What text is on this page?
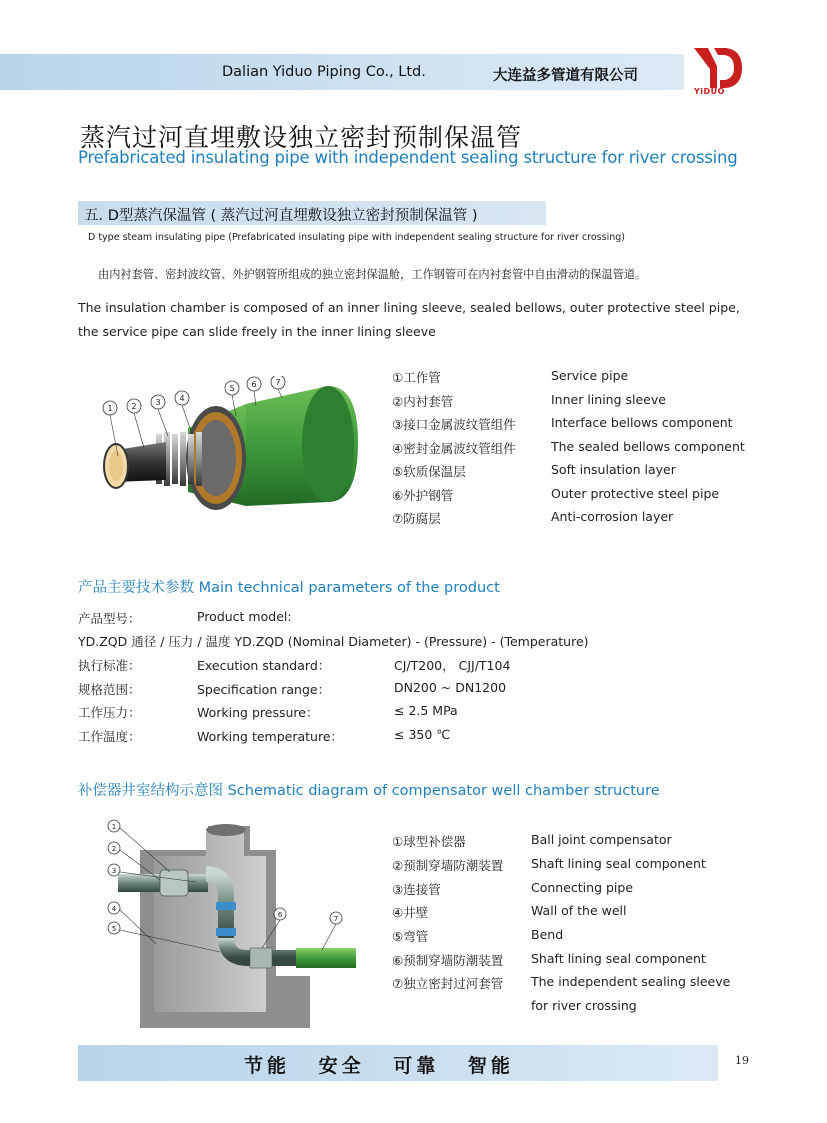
Dalian Yiduo Piping Co., Ltd.	大连益多管道有限公司
YiDUO
蒸汽过河直埋敷设独立密封预制保温管
Prefabricated insulating pipe with independent sealing structure for river crossing
五. D型蒸汽保温管 ( 蒸汽过河直埋敷设独立密封预制保温管 )
D type steam insulating pipe (Prefabricated insulating pipe with independent sealing structure for river crossing)
由内衬套管、密封波纹管、外护钢管所组成的独立密封保温舱，工作钢管可在内衬套管中自由滑动的保温管道。
The insulation chamber is composed of an inner lining sleeve, sealed bellows, outer protective steel pipe, the service pipe can slide freely in the inner lining sleeve
1 2 3 4
5 6 7	①工作管	Service pipe
②内衬套管	Inner lining sleeve
③接口金属波纹管组件	Interface bellows component
④密封金属波纹管组件	The sealed bellows component
⑤软质保温层	Soft insulation layer
⑥外护钢管	Outer protective steel pipe
⑦防腐层	Anti-corrosion layer
产品主要技术参数 Main technical parameters of the product
产品型号：	Product model:
YD.ZQD 通径 / 压力 / 温度 YD.ZQD (Nominal Diameter) - (Pressure) - (Temperature)
执行标准：	Execution standard：	CJ/T200， CJJ/T104
规格范围：	Specification range：	DN200 ~ DN1200
工作压力：	Working pressure：	≤ 2.5 MPa
工作温度：	Working temperature：	≤ 350 ℃
补偿器井室结构示意图 Schematic diagram of compensator well chamber structure
1
2
3
4
5
6	7
①球型补偿器	Ball joint compensator
②预制穿墙防潮装置 Shaft lining seal component
③连接管	Connecting pipe
④井壁	Wall of the well
⑤弯管	Bend
⑥预制穿墙防潮装置 Shaft lining seal component
⑦独立密封过河套管 The independent sealing sleeve
for river crossing
节能 安全 可靠 智能	19
